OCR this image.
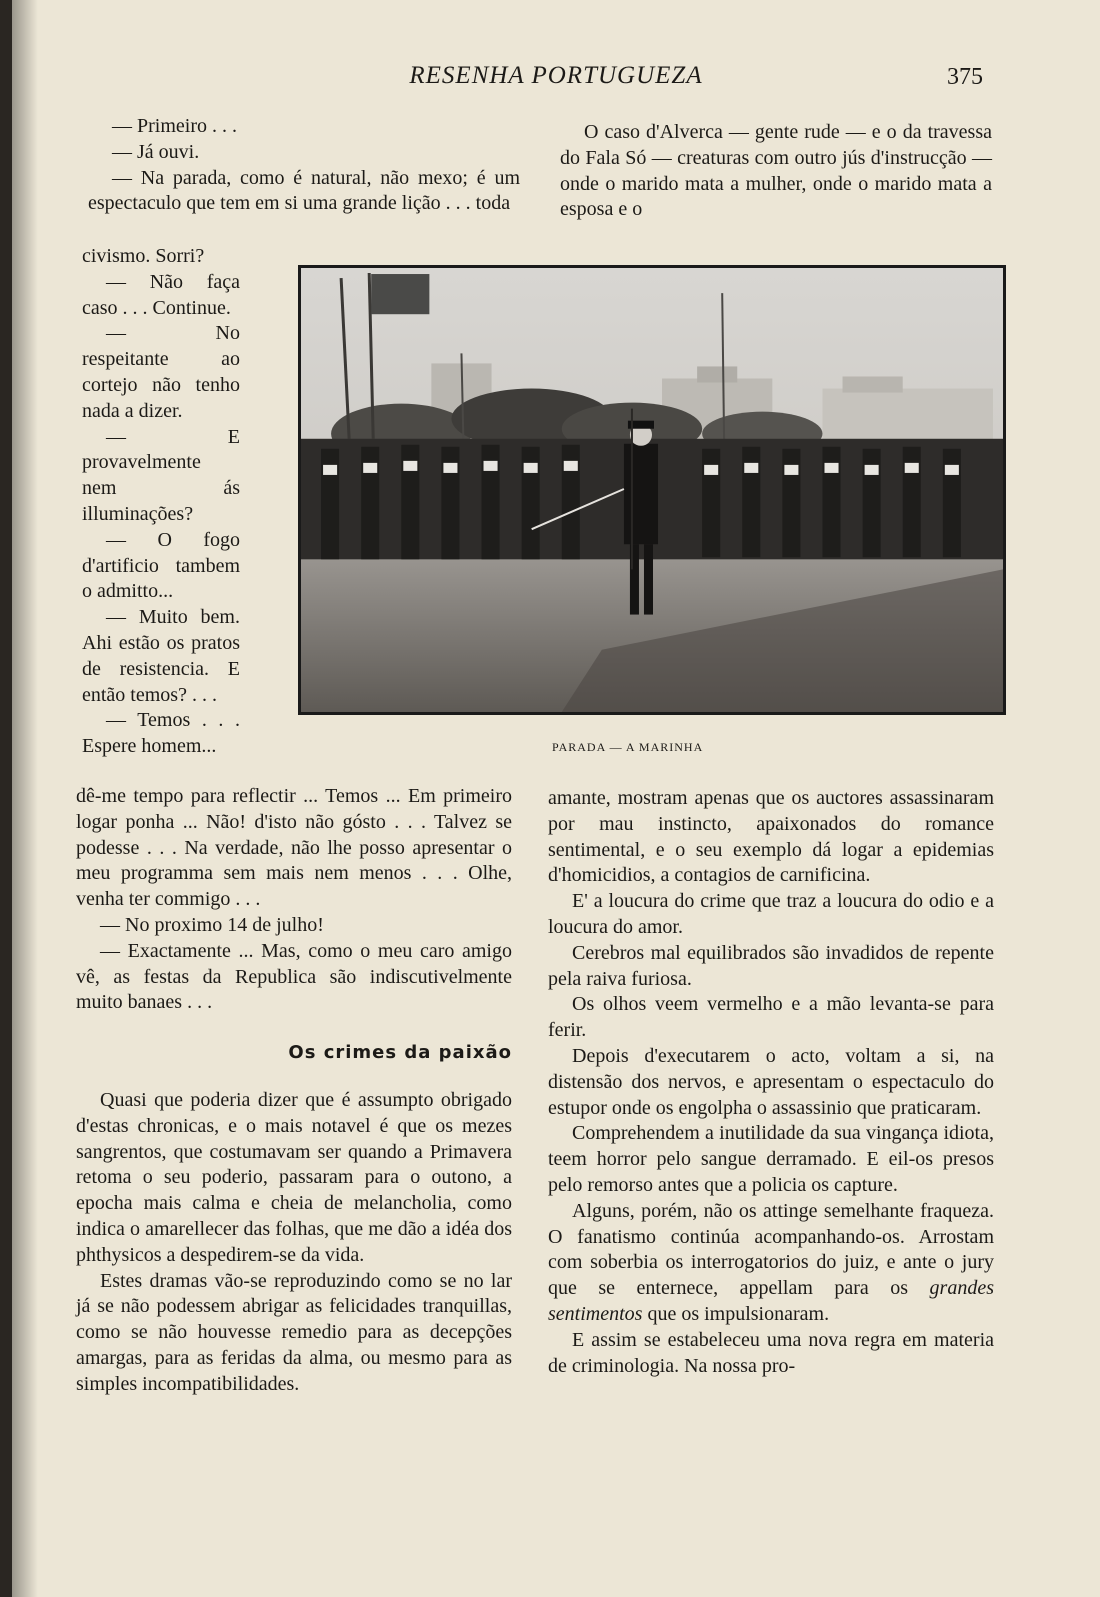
RESENHA PORTUGUEZA	375

— Primeiro . . .

— Já ouvi.

— Na parada, como é natural, não mexo; é um espectaculo que tem em si uma grande lição . . . toda

civismo. Sorri?

— Não faça caso . . . Continue.

— No respeitante ao cortejo não tenho nada a dizer.

— E provavelmente nem ás illuminações?

— O fogo d'artificio tambem o admitto...

— Muito bem. Ahi estão os pratos de resistencia. E então temos? . . .

— Temos . . . Espere homem...

dê-me tempo para reflectir ... Temos ... Em primeiro logar ponha ... Não! d'isto não gósto . . . Talvez se podesse . . . Na verdade, não lhe posso apresentar o meu programma sem mais nem menos . . . Olhe, venha ter commigo . . .

— No proximo 14 de julho!

— Exactamente ... Mas, como o meu caro amigo vê, as festas da Republica são indiscutivelmente muito banaes . . .

Os crimes da paixão

Quasi que poderia dizer que é assumpto obrigado d'estas chronicas, e o mais notavel é que os mezes sangrentos, que costumavam ser quando a Primavera retoma o seu poderio, passaram para o outono, a epocha mais calma e cheia de melancholia, como indica o amarellecer das folhas, que me dão a idéa dos phthysicos a despedirem-se da vida.

Estes dramas vão-se reproduzindo como se no lar já se não podessem abrigar as felicidades tranquillas, como se não houvesse remedio para as decepções amargas, para as feridas da alma, ou mesmo para as simples incompatibilidades.

O caso d'Alverca — gente rude — e o da travessa do Fala Só — creaturas com outro jús d'instrucção — onde o marido mata a mulher, onde o marido mata a esposa e o

PARADA — A MARINHA

amante, mostram apenas que os auctores assassinaram por mau instincto, apaixonados do romance sentimental, e o seu exemplo dá logar a epidemias d'homicidios, a contagios de carnificina.

E' a loucura do crime que traz a loucura do odio e a loucura do amor.

Cerebros mal equilibrados são invadidos de repente pela raiva furiosa.

Os olhos veem vermelho e a mão levanta-se para ferir.

Depois d'executarem o acto, voltam a si, na distensão dos nervos, e apresentam o espectaculo do estupor onde os engolpha o assassinio que praticaram.

Comprehendem a inutilidade da sua vingança idiota, teem horror pelo sangue derramado. E eil-os presos pelo remorso antes que a policia os capture.

Alguns, porém, não os attinge semelhante fraqueza. O fanatismo continúa acompanhando-os. Arrostam com soberbia os interrogatorios do juiz, e ante o jury que se enternece, appellam para os grandes sentimentos que os impulsionaram.

E assim se estabeleceu uma nova regra em materia de criminologia. Na nossa pro-
